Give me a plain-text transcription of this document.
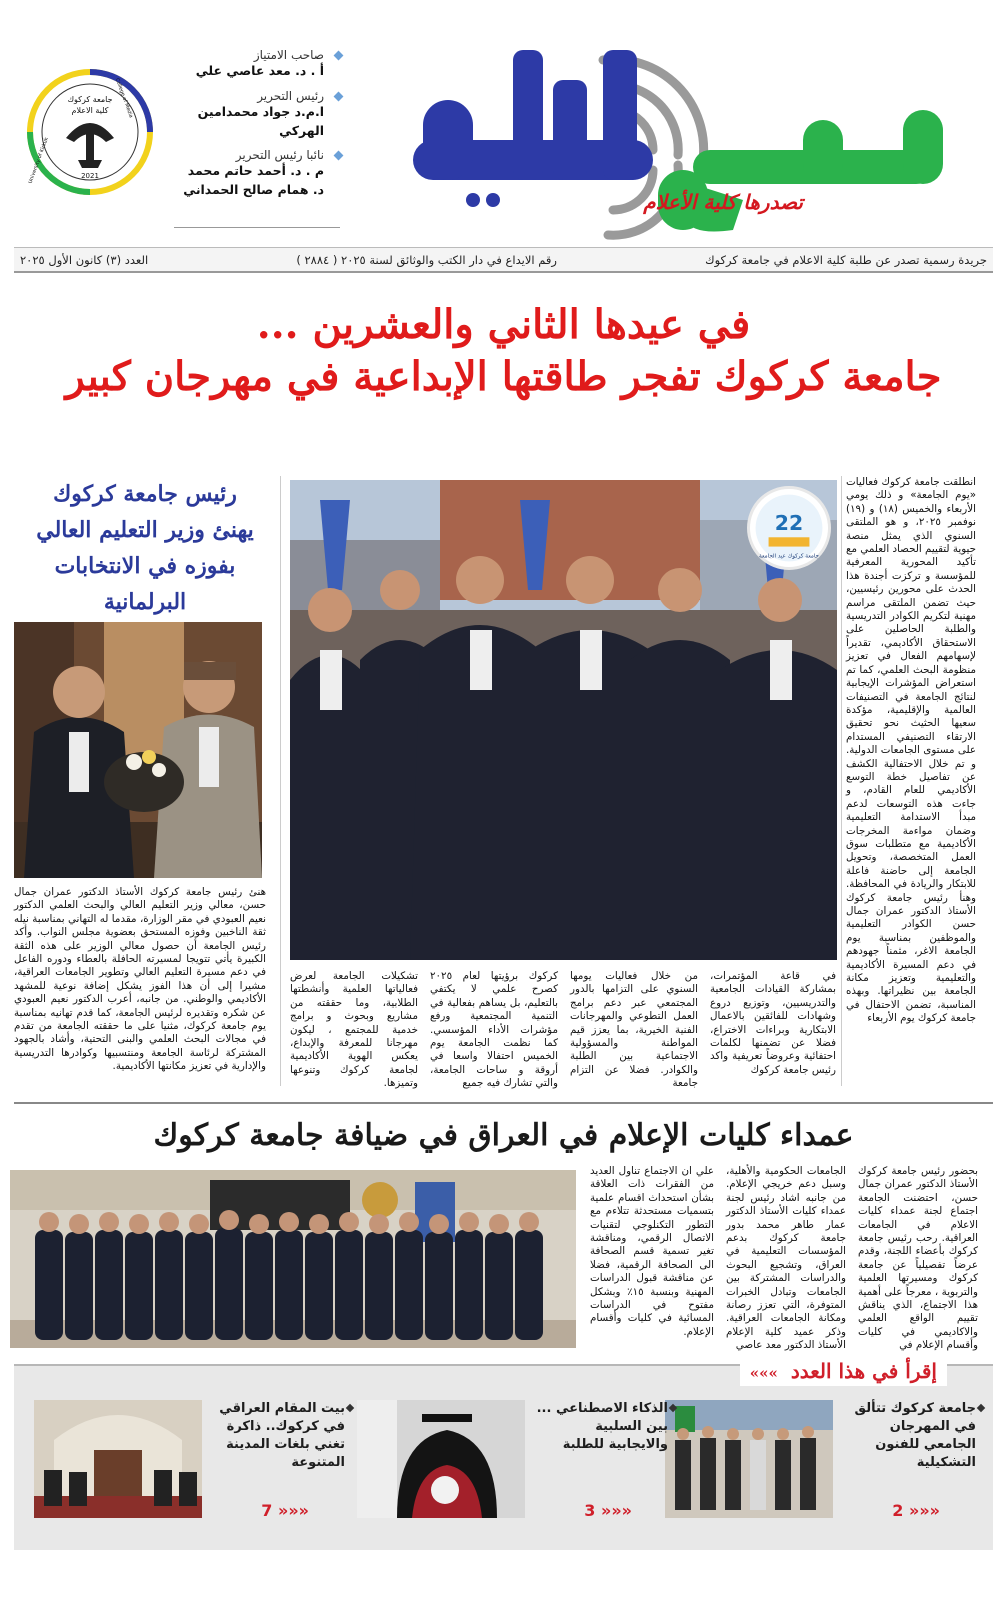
تصدرها كلية الأعلام
صاحب الامتياز
أ . د. معد عاصي علي
رئيس التحرير
ا.م.د جواد محمدامين الهركي
نائبا رئيس التحرير
م . د. أحمد حاتم محمد
د. همام صالح الحمداني
جامعة كركوك
كلية الاعلام
2021
University of Kirkuk
College of Media
جريدة رسمية تصدر عن طلبة كلية الاعلام في جامعة كركوك
رقم الايداع في دار الكتب والوثائق لسنة ٢٠٢٥ ( ٢٨٨٤ )
العدد (٣) كانون الأول ٢٠٢٥
في عيدها الثاني والعشرين ...
جامعة كركوك تفجر طاقتها الإبداعية في مهرجان كبير
22
جامعة كركوك عيد الجامعة
انطلقت جامعة كركوك فعاليات «يوم الجامعة» و ذلك يومي الأربعاء والخميس (١٨) و (١٩) نوفمبر ٢٠٢٥، و هو الملتقى السنوي الذي يمثل منصة حيوية لتقييم الحصاد العلمي مع تأكيد المحورية المعرفية للمؤسسة و تركزت أجندة هذا الحدث على محورين رئيسيين، حيث تضمن الملتقى مراسم مهنية لتكريم الكوادر التدريسية والطلبة الحاصلين على الاستحقاق الأكاديمي، تقديراً لإسهامهم الفعال في تعزيز منظومة البحث العلمي، كما تم استعراض المؤشرات الإيجابية لنتائج الجامعة في التصنيفات العالمية والإقليمية، مؤكدة سعيها الحثيث نحو تحقيق الارتقاء التصنيفي المستدام على مستوى الجامعات الدولية. و تم خلال الاحتفالية الكشف عن تفاصيل خطة التوسع الأكاديمي للعام القادم، و جاءت هذه التوسعات لدعم مبدأ الاستدامة التعليمية وضمان مواءمة المخرجات الأكاديمية مع متطلبات سوق العمل المتخصصة، وتحويل الجامعة إلى حاضنة فاعلة للابتكار والريادة في المحافظة. وهنأ رئيس جامعة كركوك الأستاذ الدكتور عمران جمال حسن الكوادر التعليمية والموظفين بمناسبة يوم الجامعة الاغر، مثمناً جهودهم في دعم المسيرة الأكاديمية والتعليمية وتعزيز مكانة الجامعة بين نظيراتها. وبهذه المناسبة، تضمن الاحتفال في جامعة كركوك يوم الأربعاء
في قاعة المؤتمرات، بمشاركة القيادات الجامعية والتدريسيين، وتوزيع دروع وشهادات للفائقين بالاعمال الابتكارية وبراءات الاختراع، فضلا عن تضمنها لكلمات احتفائية وعروضاً تعريفية واكد رئيس جامعة كركوك
من خلال فعاليات يومها السنوي على التزامها بالدور المجتمعي عبر دعم برامج العمل التطوعي والمهرجانات الفنية الخيرية، بما يعزز قيم المواطنة والمسؤولية الاجتماعية بين الطلبة والكوادر. فضلا عن التزام جامعة
كركوك برؤيتها لعام ٢٠٢٥ كصرح علمي لا يكتفي بالتعليم، بل يساهم بفعالية في التنمية المجتمعية ورفع مؤشرات الأداء المؤسسي. كما نظمت الجامعة يوم الخميس احتفالا واسعا في أروقة و ساحات الجامعة، والتي تشارك فيه جميع
تشكيلات الجامعة لعرض فعالياتها العلمية وأنشطتها الطلابية، وما حققته من مشاريع وبحوث و برامج خدمية للمجتمع ، ليكون مهرجانا للمعرفة والإبداع، يعكس الهوية الأكاديمية لجامعة كركوك وتنوعها وتميزها.
رئيس جامعة كركوك
يهنئ وزير التعليم العالي
بفوزه في الانتخابات
البرلمانية
هنئ رئيس جامعة كركوك الأستاذ الدكتور عمران جمال حسن، معالي وزير التعليم العالي والبحث العلمي الدكتور نعيم العبودي في مقر الوزارة، مقدما له التهاني بمناسبة نيله ثقة الناخبين وفوزه المستحق بعضوية مجلس النواب. وأكد رئيس الجامعة أن حصول معالي الوزير على هذه الثقة الكبيرة يأتي تتويجا لمسيرته الحافلة بالعطاء ودوره الفاعل في دعم مسيرة التعليم العالي وتطوير الجامعات العراقية، مشيرا إلى أن هذا الفوز يشكل إضافة نوعية للمشهد الأكاديمي والوطني. من جانبه، أعرب الدكتور نعيم العبودي عن شكره وتقديره لرئيس الجامعة، كما قدم تهانيه بمناسبة يوم جامعة كركوك، مثنيا على ما حققته الجامعة من تقدم في مجالات البحث العلمي والبنى التحتية، وأشاد بالجهود المشتركة لرئاسة الجامعة ومنتسبيها وكوادرها التدريسية والإدارية في تعزيز مكانتها الأكاديمية.
عمداء كليات الإعلام في العراق في ضيافة جامعة كركوك
بحضور رئيس جامعة كركوك الأستاذ الدكتور عمران جمال حسن، احتضنت الجامعة اجتماع لجنة عمداء كليات الاعلام في الجامعات العراقية. رحب رئيس جامعة كركوك بأعضاء اللجنة، وقدم عرضاً تفصيلياً عن جامعة كركوك ومسيرتها العلمية والتربوية ، معرجاً على أهمية هذا الاجتماع، الذي يناقش تقييم الواقع العلمي والاكاديمي في كليات وأقسام الإعلام في
الجامعات الحكومية والأهلية، وسبل دعم خريجي الإعلام. من جانبه اشاد رئيس لجنة عمداء كليات الأستاذ الدكتور عمار طاهر محمد بدور جامعة كركوك بدعم المؤسسات التعليمية في العراق، وتشجيع البحوث والدراسات المشتركة بين الجامعات وتبادل الخبرات المتوفرة، التي تعزز رصانة ومكانة الجامعات العراقية. وذكر عميد كلية الإعلام الأستاذ الدكتور معد عاصي
علي ان الاجتماع تناول العديد من الفقرات ذات العلاقة بشأن استحداث اقسام علمية بتسميات مستحدثة تتلاءم مع التطور التكنلوجي لتقنيات الاتصال الرقمي، ومناقشة تغير تسمية قسم الصحافة الى الصحافة الرقمية، فضلا عن مناقشة قبول الدراسات المهنية وبنسبة ١٥٪ وبشكل مفتوح في الدراسات المسائية في كليات وأقسام الإعلام.
إقرأ في هذا العدد »»»
جامعة كركوك تتألق في المهرجان الجامعي للفنون التشكيلية
2 »»»
الذكاء الاصطناعي ... بين السلبية والايجابية للطلبة
3 »»»
بيت المقام العراقي في كركوك.. ذاكرة تغني بلغات المدينة المتنوعة
7 »»»
